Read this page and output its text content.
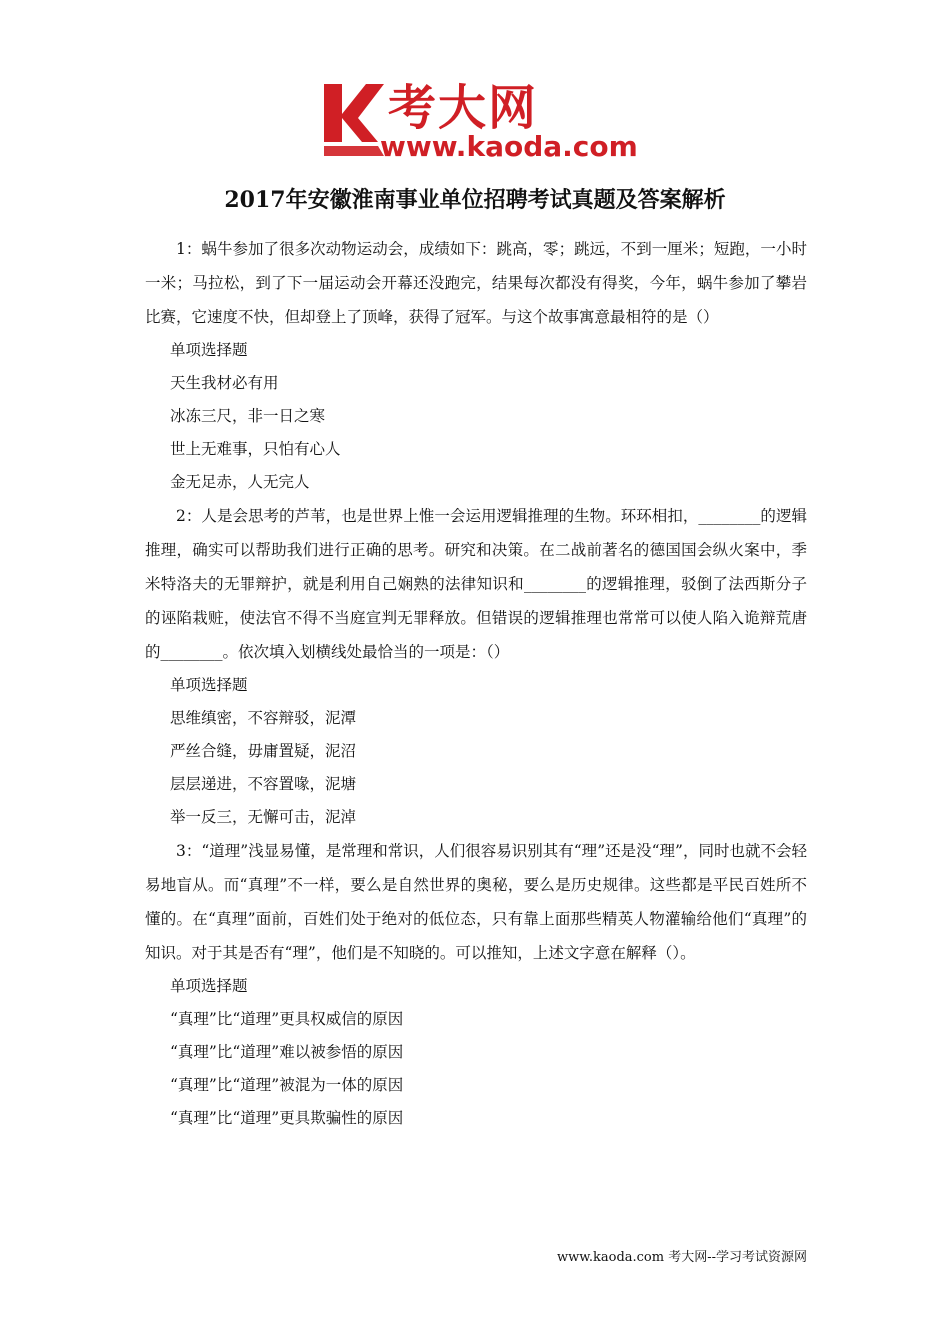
考大网
www.kaoda.com
2017年安徽淮南事业单位招聘考试真题及答案解析

1：蜗牛参加了很多次动物运动会，成绩如下：跳高，零；跳远，不到一厘米；短跑，一小时一米；马拉松，到了下一届运动会开幕还没跑完，结果每次都没有得奖，今年，蜗牛参加了攀岩比赛，它速度不快，但却登上了顶峰，获得了冠军。与这个故事寓意最相符的是（）

单项选择题

天生我材必有用

冰冻三尺，非一日之寒

世上无难事，只怕有心人

金无足赤，人无完人

2：人是会思考的芦苇，也是世界上惟一会运用逻辑推理的生物。环环相扣，________的逻辑推理，确实可以帮助我们进行正确的思考。研究和决策。在二战前著名的德国国会纵火案中，季米特洛夫的无罪辩护，就是利用自己娴熟的法律知识和________的逻辑推理，驳倒了法西斯分子的诬陷栽赃，使法官不得不当庭宣判无罪释放。但错误的逻辑推理也常常可以使人陷入诡辩荒唐的________。依次填入划横线处最恰当的一项是：（）

单项选择题

思维缜密，不容辩驳，泥潭

严丝合缝，毋庸置疑，泥沼

层层递进，不容置喙，泥塘

举一反三，无懈可击，泥淖

3：“道理”浅显易懂，是常理和常识，人们很容易识别其有“理”还是没“理”，同时也就不会轻易地盲从。而“真理”不一样，要么是自然世界的奥秘，要么是历史规律。这些都是平民百姓所不懂的。在“真理”面前，百姓们处于绝对的低位态，只有靠上面那些精英人物灌输给他们“真理”的知识。对于其是否有“理”，他们是不知晓的。可以推知，上述文字意在解释（）。

单项选择题

“真理”比“道理”更具权威信的原因

“真理”比“道理”难以被参悟的原因

“真理”比“道理”被混为一体的原因

“真理”比“道理”更具欺骗性的原因

www.kaoda.com 考大网--学习考试资源网
